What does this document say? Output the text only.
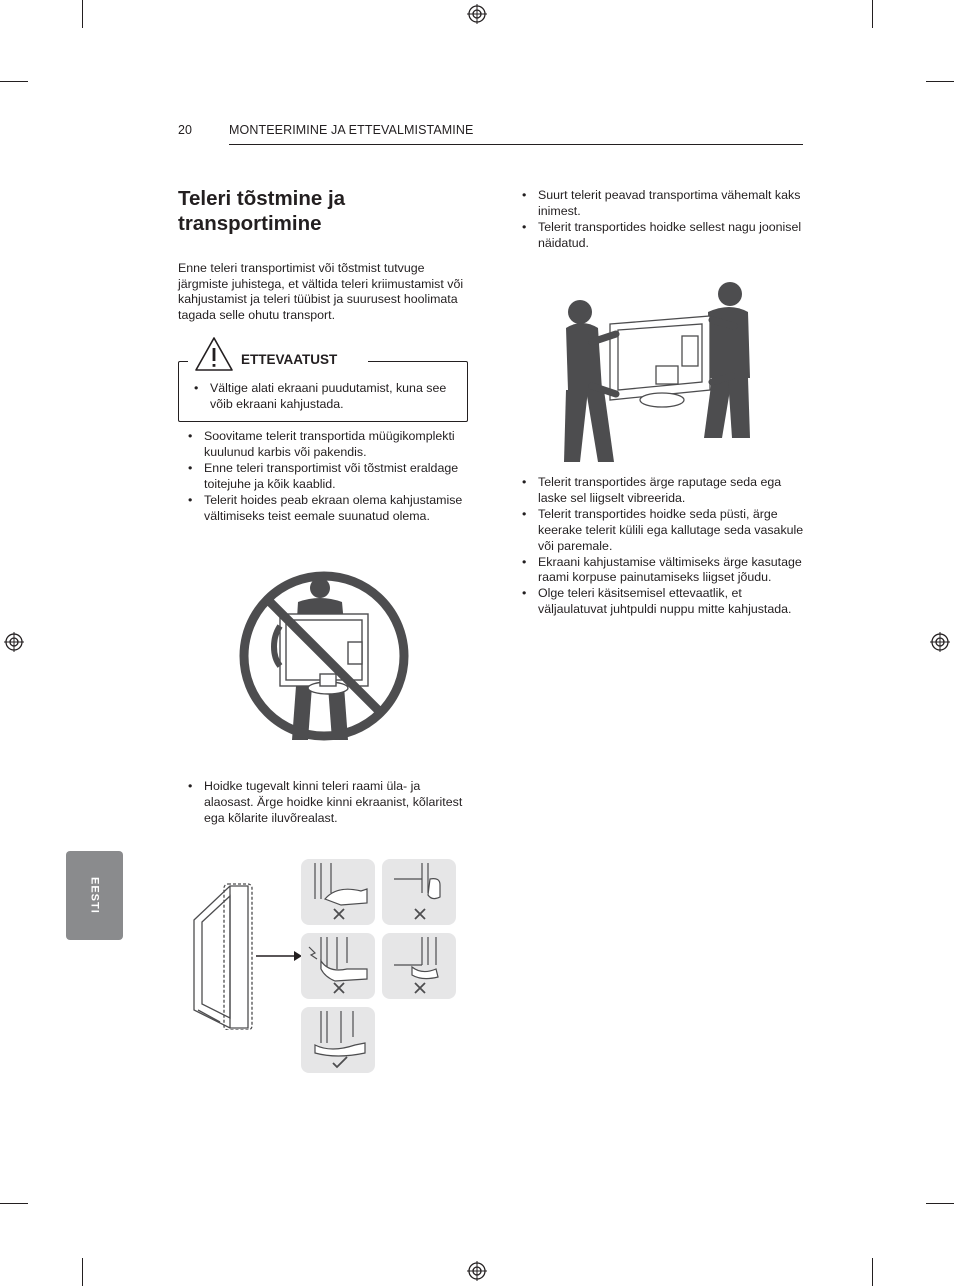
20	MONTEERIMINE JA ETTEVALMISTAMINE
Teleri tõstmine ja transportimine

Enne teleri transportimist või tõstmist tutvuge järgmiste juhistega, et vältida teleri kriimustamist või kahjustamist ja teleri tüübist ja suurusest hoolimata tagada selle ohutu transport.

ETTEVAATUST
• Vältige alati ekraani puudutamist, kuna see võib ekraani kahjustada.
• Soovitame telerit transportida müügikomplekti kuulunud karbis või pakendis.
• Enne teleri transportimist või tõstmist eraldage toitejuhe ja kõik kaablid.
• Telerit hoides peab ekraan olema kahjustamise vältimiseks teist eemale suunatud olema.
• Hoidke tugevalt kinni teleri raami üla- ja alaosast. Ärge hoidke kinni ekraanist, kõlaritest ega kõlarite iluvõrealast.
• Suurt telerit peavad transportima vähemalt kaks inimest.
• Telerit transportides hoidke sellest nagu joonisel näidatud.
• Telerit transportides ärge raputage seda ega laske sel liigselt vibreerida.
• Telerit transportides hoidke seda püsti, ärge keerake telerit külili ega kallutage seda vasakule või paremale.
• Ekraani kahjustamise vältimiseks ärge kasutage raami korpuse painutamiseks liigset jõudu.
• Olge teleri käsitsemisel ettevaatlik, et väljaulatuvat juhtpuldi nuppu mitte kahjustada.
EESTI
